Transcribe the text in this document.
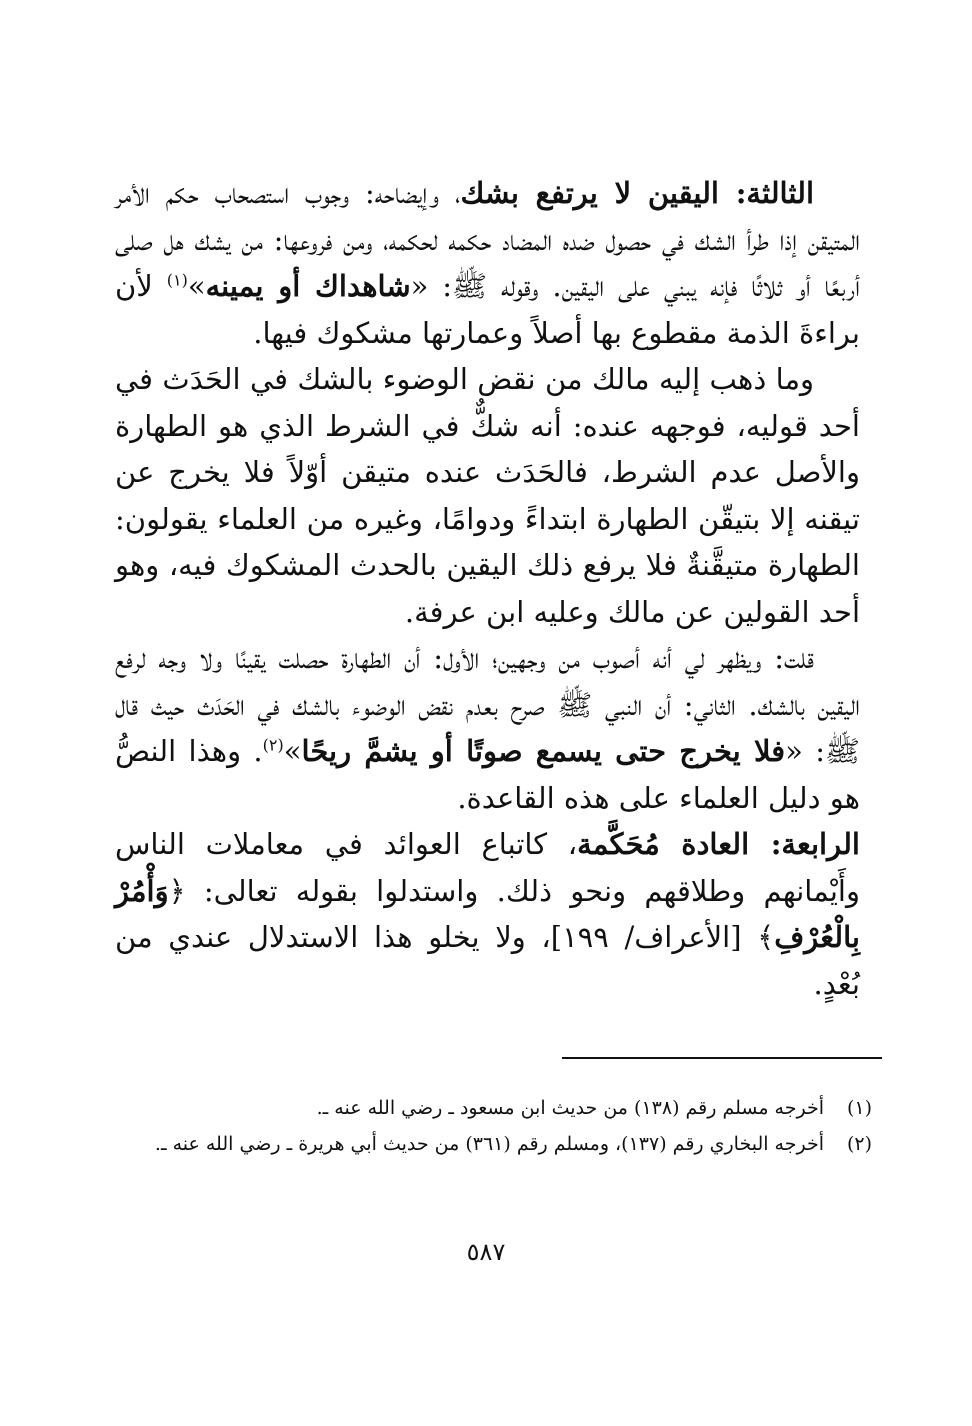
الثالثة: اليقين لا يرتفع بشك، وإيضاحه: وجوب استصحاب حكم الأمر المتيقن إذا طرأ الشك في حصول ضده المضاد حكمه لحكمه، ومن فروعها: من يشك هل صلى أربعًا أو ثلاثًا فإنه يبني على اليقين. وقوله ﷺ: «شاهداك أو يمينه»$^{(١)}$ لأن براءةَ الذمة مقطوع بها أصلاً وعمارتها مشكوك فيها.

وما ذهب إليه مالك من نقض الوضوء بالشك في الحَدَث في أحد قوليه، فوجهه عنده: أنه شكٌّ في الشرط الذي هو الطهارة والأصل عدم الشرط، فالحَدَث عنده متيقن أوّلاً فلا يخرج عن تيقنه إلا بتيقّن الطهارة ابتداءً ودوامًا، وغيره من العلماء يقولون: الطهارة متيقَّنةٌ فلا يرفع ذلك اليقين بالحدث المشكوك فيه، وهو أحد القولين عن مالك وعليه ابن عرفة.

قلت: ويظهر لي أنه أصوب من وجهين؛ الأول: أن الطهارة حصلت يقينًا ولا وجه لرفع اليقين بالشك. الثاني: أن النبي ﷺ صرح بعدم نقض الوضوء بالشك في الحَدَث حيث قال ﷺ: «فلا يخرج حتى يسمع صوتًا أو يشمَّ ريحًا»$^{(٢)}$. وهذا النصُّ هو دليل العلماء على هذه القاعدة.

الرابعة: العادة مُحَكَّمة، كاتباع العوائد في معاملات الناس وأَيْمانهم وطلاقهم ونحو ذلك. واستدلوا بقوله تعالى: ﴿وَأْمُرْ بِالْعُرْفِ﴾ [الأعراف/ ١٩٩]، ولا يخلو هذا الاستدلال عندي من بُعْدٍ.

(١)
أخرجه مسلم رقم (١٣٨) من حديث ابن مسعود ـ رضي الله عنه ـ.
(٢)
أخرجه البخاري رقم (١٣٧)، ومسلم رقم (٣٦١) من حديث أبي هريرة ـ رضي الله عنه ـ.
٥٨٧
